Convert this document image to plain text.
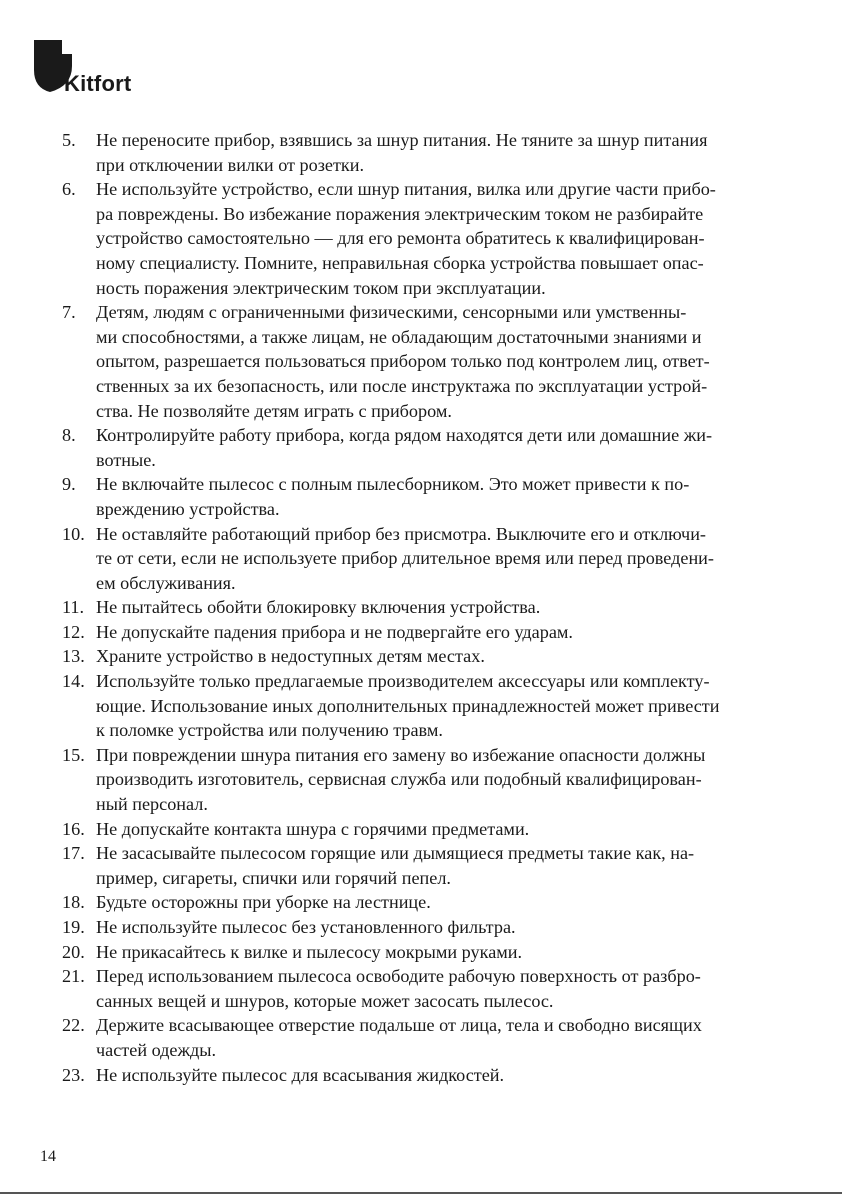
Kitfort
5.	Не переносите прибор, взявшись за шнур питания. Не тяните за шнур питания
при отключении вилки от розетки.
6.	Не используйте устройство, если шнур питания, вилка или другие части прибо-
ра повреждены. Во избежание поражения электрическим током не разбирайте
устройство самостоятельно — для его ремонта обратитесь к квалифицирован-
ному специалисту. Помните, неправильная сборка устройства повышает опас-
ность поражения электрическим током при эксплуатации.
7.	Детям, людям с ограниченными физическими, сенсорными или умственны-
ми способностями, а также лицам, не обладающим достаточными знаниями и
опытом, разрешается пользоваться прибором только под контролем лиц, ответ-
ственных за их безопасность, или после инструктажа по эксплуатации устрой-
ства. Не позволяйте детям играть с прибором.
8.	Контролируйте работу прибора, когда рядом находятся дети или домашние жи-
вотные.
9.	Не включайте пылесос с полным пылесборником. Это может привести к по-
вреждению устройства.
10. Не оставляйте работающий прибор без присмотра. Выключите его и отключи-
те от сети, если не используете прибор длительное время или перед проведени-
ем обслуживания.
11. Не пытайтесь обойти блокировку включения устройства.
12. Не допускайте падения прибора и не подвергайте его ударам.
13. Храните устройство в недоступных детям местах.
14. Используйте только предлагаемые производителем аксессуары или комплекту-
ющие. Использование иных дополнительных принадлежностей может привести
к поломке устройства или получению травм.
15. При повреждении шнура питания его замену во избежание опасности должны
производить изготовитель, сервисная служба или подобный квалифицирован-
ный персонал.
16. Не допускайте контакта шнура с горячими предметами.
17. Не засасывайте пылесосом горящие или дымящиеся предметы такие как, на-
пример, сигареты, спички или горячий пепел.
18. Будьте осторожны при уборке на лестнице.
19. Не используйте пылесос без установленного фильтра.
20. Не прикасайтесь к вилке и пылесосу мокрыми руками.
21. Перед использованием пылесоса освободите рабочую поверхность от разбро-
санных вещей и шнуров, которые может засосать пылесос.
22. Держите всасывающее отверстие подальше от лица, тела и свободно висящих
частей одежды.
23. Не используйте пылесос для всасывания жидкостей.
14
